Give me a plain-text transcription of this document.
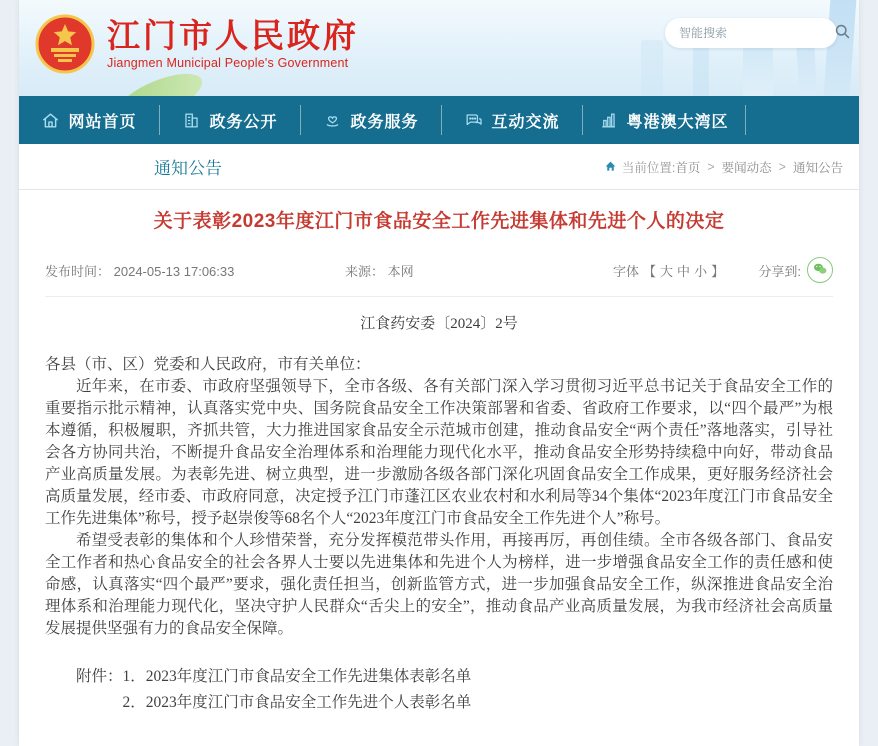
江门市人民政府
Jiangmen Municipal People's Government
智能搜索
网站首页	政务公开	政务服务	互动交流	粤港澳大湾区
通知公告	当前位置: 首页 > 要闻动态 > 通知公告
关于表彰2023年度江门市食品安全工作先进集体和先进个人的决定
发布时间： 2024-05-13 17:06:33	来源： 本网	字体 【 大 中 小 】	分享到:
江食药安委〔2024〕2号

各县（市、区）党委和人民政府，市有关单位：

近年来，在市委、市政府坚强领导下，全市各级、各有关部门深入学习贯彻习近平总书记关于食品安全工作的重要指示批示精神，认真落实党中央、国务院食品安全工作决策部署和省委、省政府工作要求，以“四个最严”为根本遵循，积极履职，齐抓共管，大力推进国家食品安全示范城市创建，推动食品安全“两个责任”落地落实，引导社会各方协同共治，不断提升食品安全治理体系和治理能力现代化水平，推动食品安全形势持续稳中向好，带动食品产业高质量发展。为表彰先进、树立典型，进一步激励各级各部门深化巩固食品安全工作成果，更好服务经济社会高质量发展，经市委、市政府同意，决定授予江门市蓬江区农业农村和水利局等34个集体“2023年度江门市食品安全工作先进集体”称号，授予赵崇俊等68名个人“2023年度江门市食品安全工作先进个人”称号。

希望受表彰的集体和个人珍惜荣誉，充分发挥模范带头作用，再接再厉，再创佳绩。全市各级各部门、食品安全工作者和热心食品安全的社会各界人士要以先进集体和先进个人为榜样，进一步增强食品安全工作的责任感和使命感，认真落实“四个最严”要求，强化责任担当，创新监管方式，进一步加强食品安全工作，纵深推进食品安全治理体系和治理能力现代化，坚决守护人民群众“舌尖上的安全”，推动食品产业高质量发展，为我市经济社会高质量发展提供坚强有力的食品安全保障。

附件： 1．2023年度江门市食品安全工作先进集体表彰名单
2．2023年度江门市食品安全工作先进个人表彰名单
